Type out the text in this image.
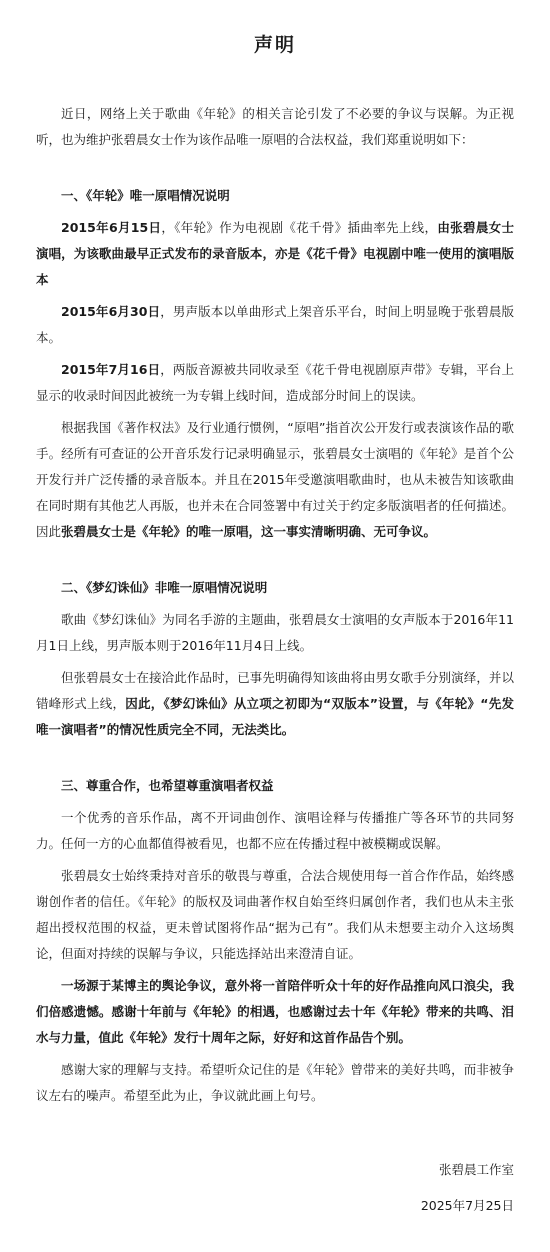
声明

近日，网络上关于歌曲《年轮》的相关言论引发了不必要的争议与误解。为正视听，也为维护张碧晨女士作为该作品唯一原唱的合法权益，我们郑重说明如下：

一、《年轮》唯一原唱情况说明

2015年6月15日，《年轮》作为电视剧《花千骨》插曲率先上线，由张碧晨女士演唱，为该歌曲最早正式发布的录音版本，亦是《花千骨》电视剧中唯一使用的演唱版本

2015年6月30日，男声版本以单曲形式上架音乐平台，时间上明显晚于张碧晨版本。

2015年7月16日，两版音源被共同收录至《花千骨电视剧原声带》专辑，平台上显示的收录时间因此被统一为专辑上线时间，造成部分时间上的误读。

根据我国《著作权法》及行业通行惯例，“原唱”指首次公开发行或表演该作品的歌手。经所有可查证的公开音乐发行记录明确显示，张碧晨女士演唱的《年轮》是首个公开发行并广泛传播的录音版本。并且在2015年受邀演唱歌曲时，也从未被告知该歌曲在同时期有其他艺人再版，也并未在合同签署中有过关于约定多版演唱者的任何描述。因此张碧晨女士是《年轮》的唯一原唱，这一事实清晰明确、无可争议。

二、《梦幻诛仙》非唯一原唱情况说明

歌曲《梦幻诛仙》为同名手游的主题曲，张碧晨女士演唱的女声版本于2016年11月1日上线，男声版本则于2016年11月4日上线。

但张碧晨女士在接洽此作品时，已事先明确得知该曲将由男女歌手分别演绎，并以错峰形式上线，因此，《梦幻诛仙》从立项之初即为“双版本”设置，与《年轮》“先发唯一演唱者”的情况性质完全不同，无法类比。

三、尊重合作，也希望尊重演唱者权益

一个优秀的音乐作品，离不开词曲创作、演唱诠释与传播推广等各环节的共同努力。任何一方的心血都值得被看见，也都不应在传播过程中被模糊或误解。

张碧晨女士始终秉持对音乐的敬畏与尊重，合法合规使用每一首合作作品，始终感谢创作者的信任。《年轮》的版权及词曲著作权自始至终归属创作者，我们也从未主张超出授权范围的权益，更未曾试图将作品“据为己有”。我们从未想要主动介入这场舆论，但面对持续的误解与争议，只能选择站出来澄清自证。

一场源于某博主的舆论争议，意外将一首陪伴听众十年的好作品推向风口浪尖，我们倍感遗憾。感谢十年前与《年轮》的相遇，也感谢过去十年《年轮》带来的共鸣、泪水与力量，值此《年轮》发行十周年之际，好好和这首作品告个别。

感谢大家的理解与支持。希望听众记住的是《年轮》曾带来的美好共鸣，而非被争议左右的噪声。希望至此为止，争议就此画上句号。

张碧晨工作室
2025年7月25日
